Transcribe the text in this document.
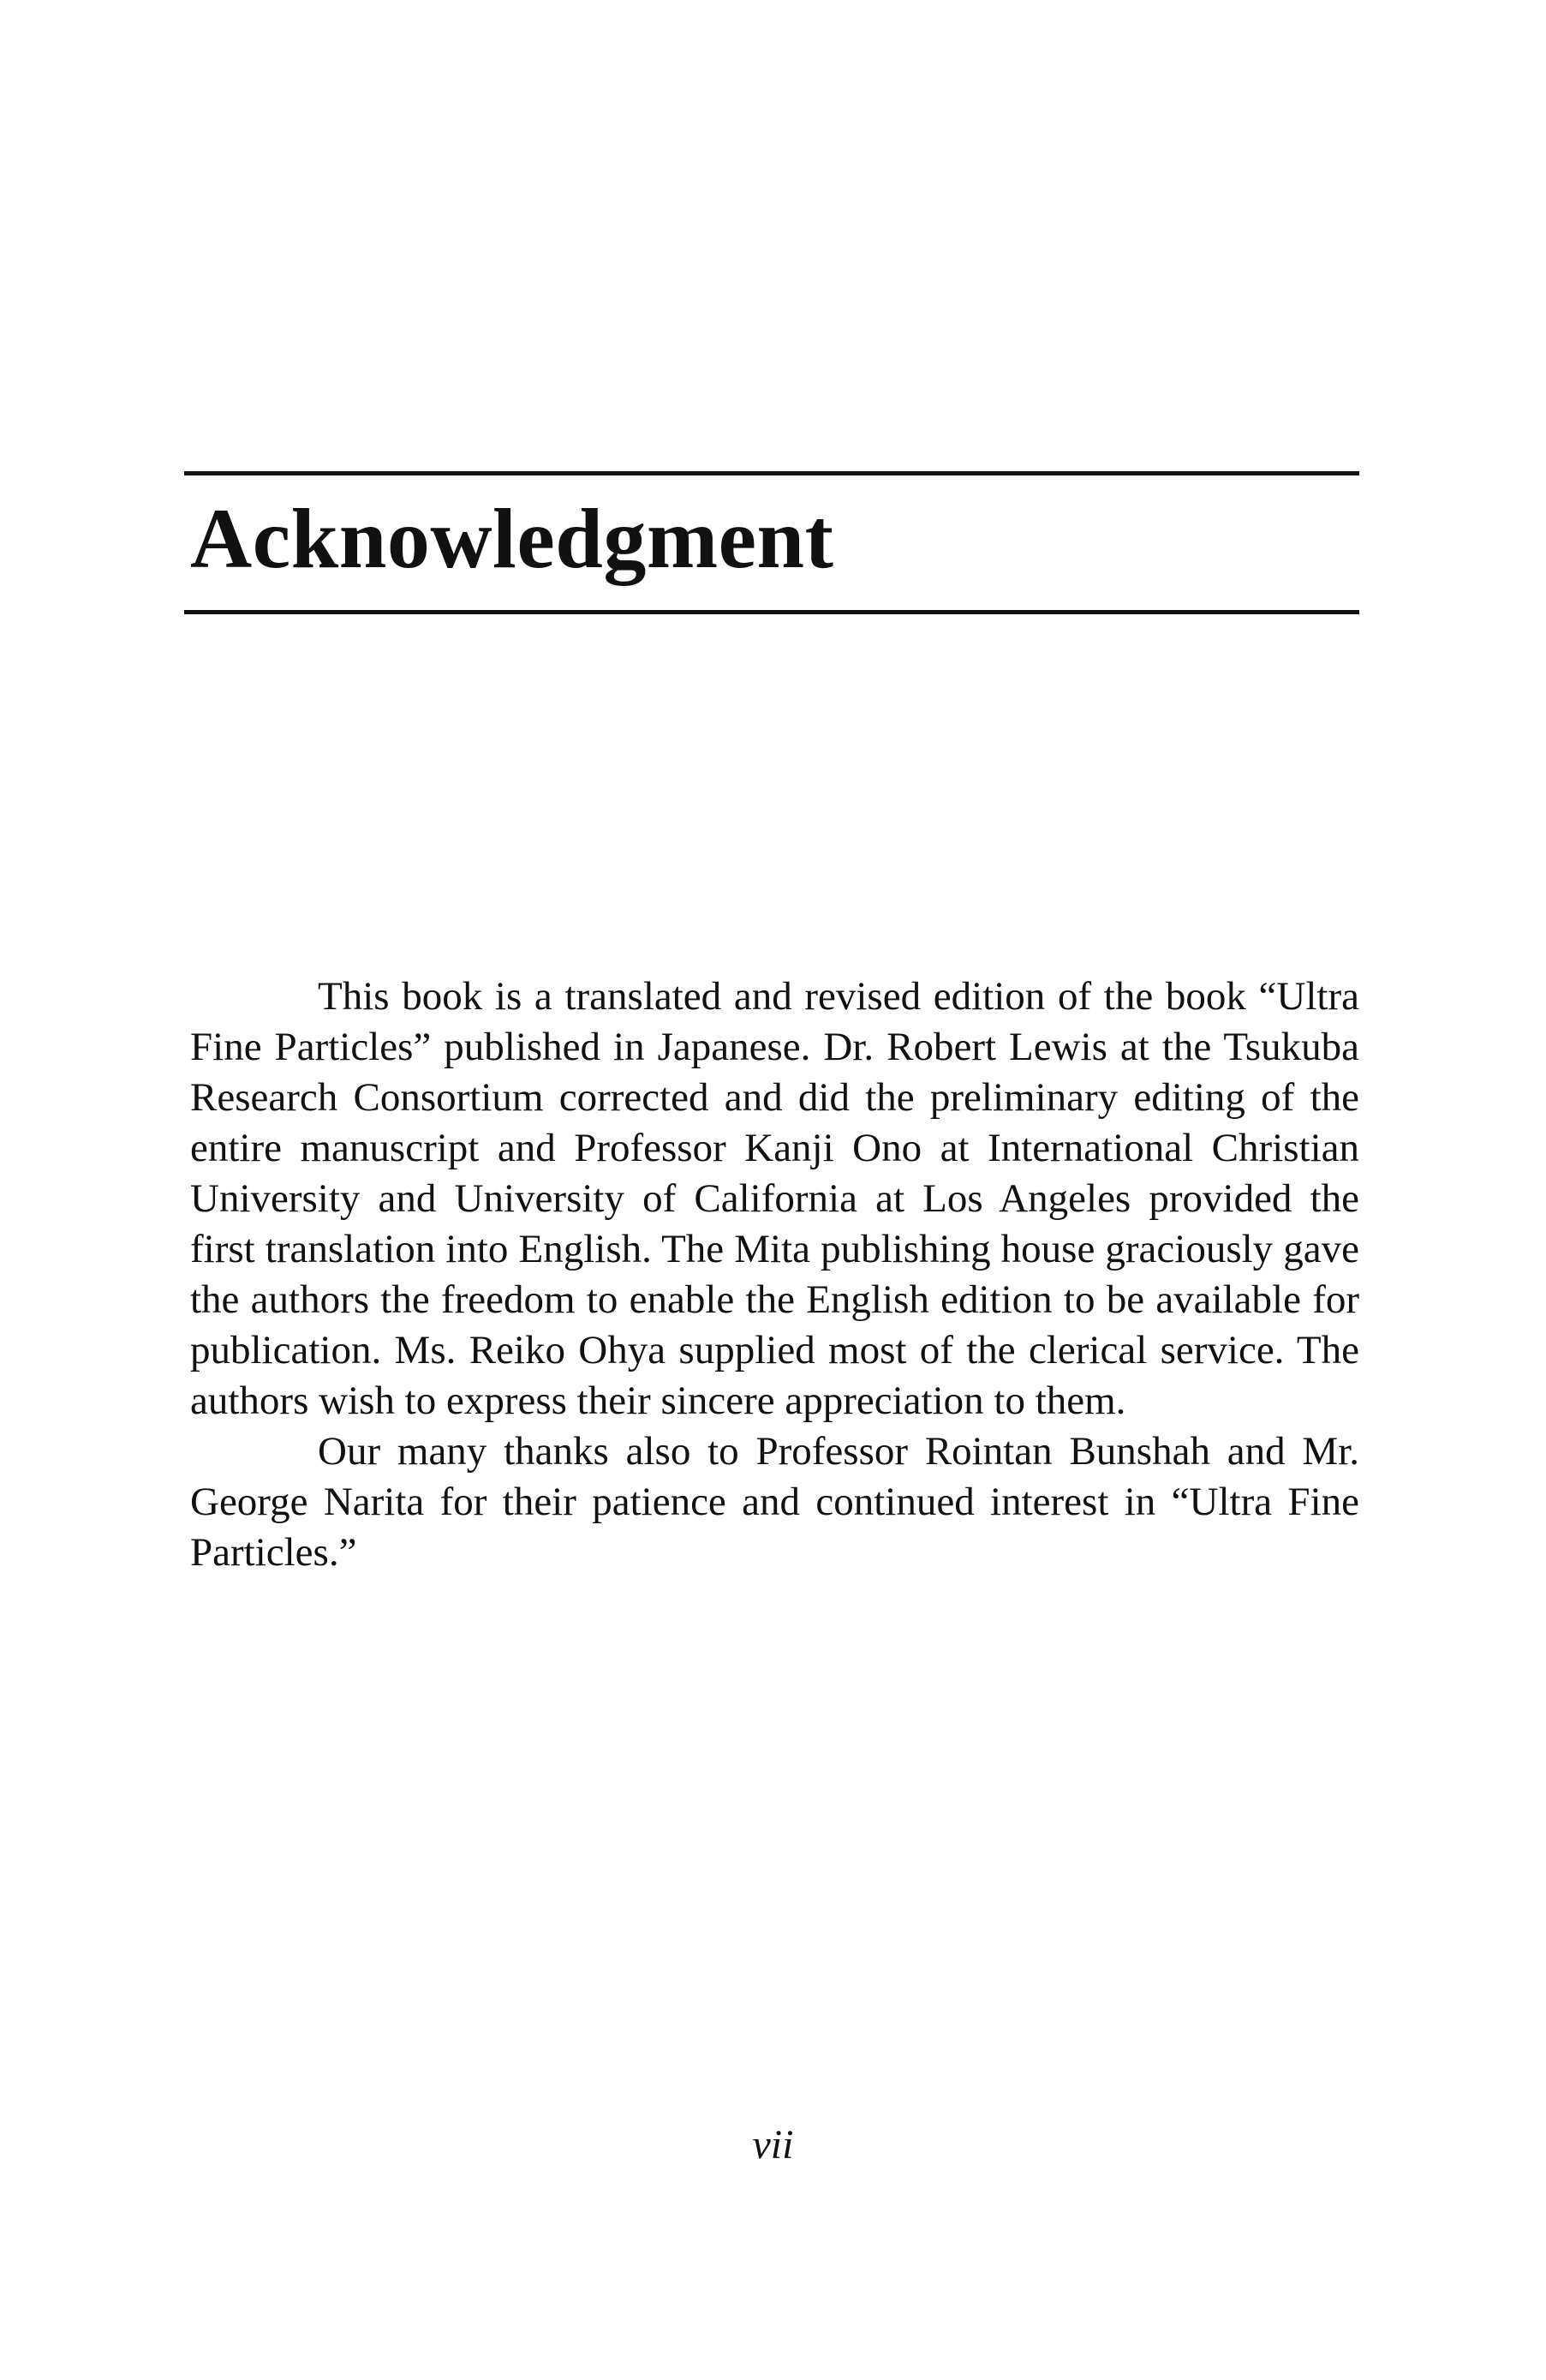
Acknowledgment

This book is a translated and revised edition of the book “Ultra Fine Particles” published in Japanese. Dr. Robert Lewis at the Tsukuba Research Consortium corrected and did the preliminary editing of the entire manuscript and Professor Kanji Ono at International Christian University and University of California at Los Angeles provided the first translation into English. The Mita publishing house graciously gave the authors the freedom to enable the English edition to be available for publication. Ms. Reiko Ohya supplied most of the clerical service. The authors wish to express their sincere appreciation to them.

Our many thanks also to Professor Rointan Bunshah and Mr. George Narita for their patience and continued interest in “Ultra Fine Particles.”

vii
